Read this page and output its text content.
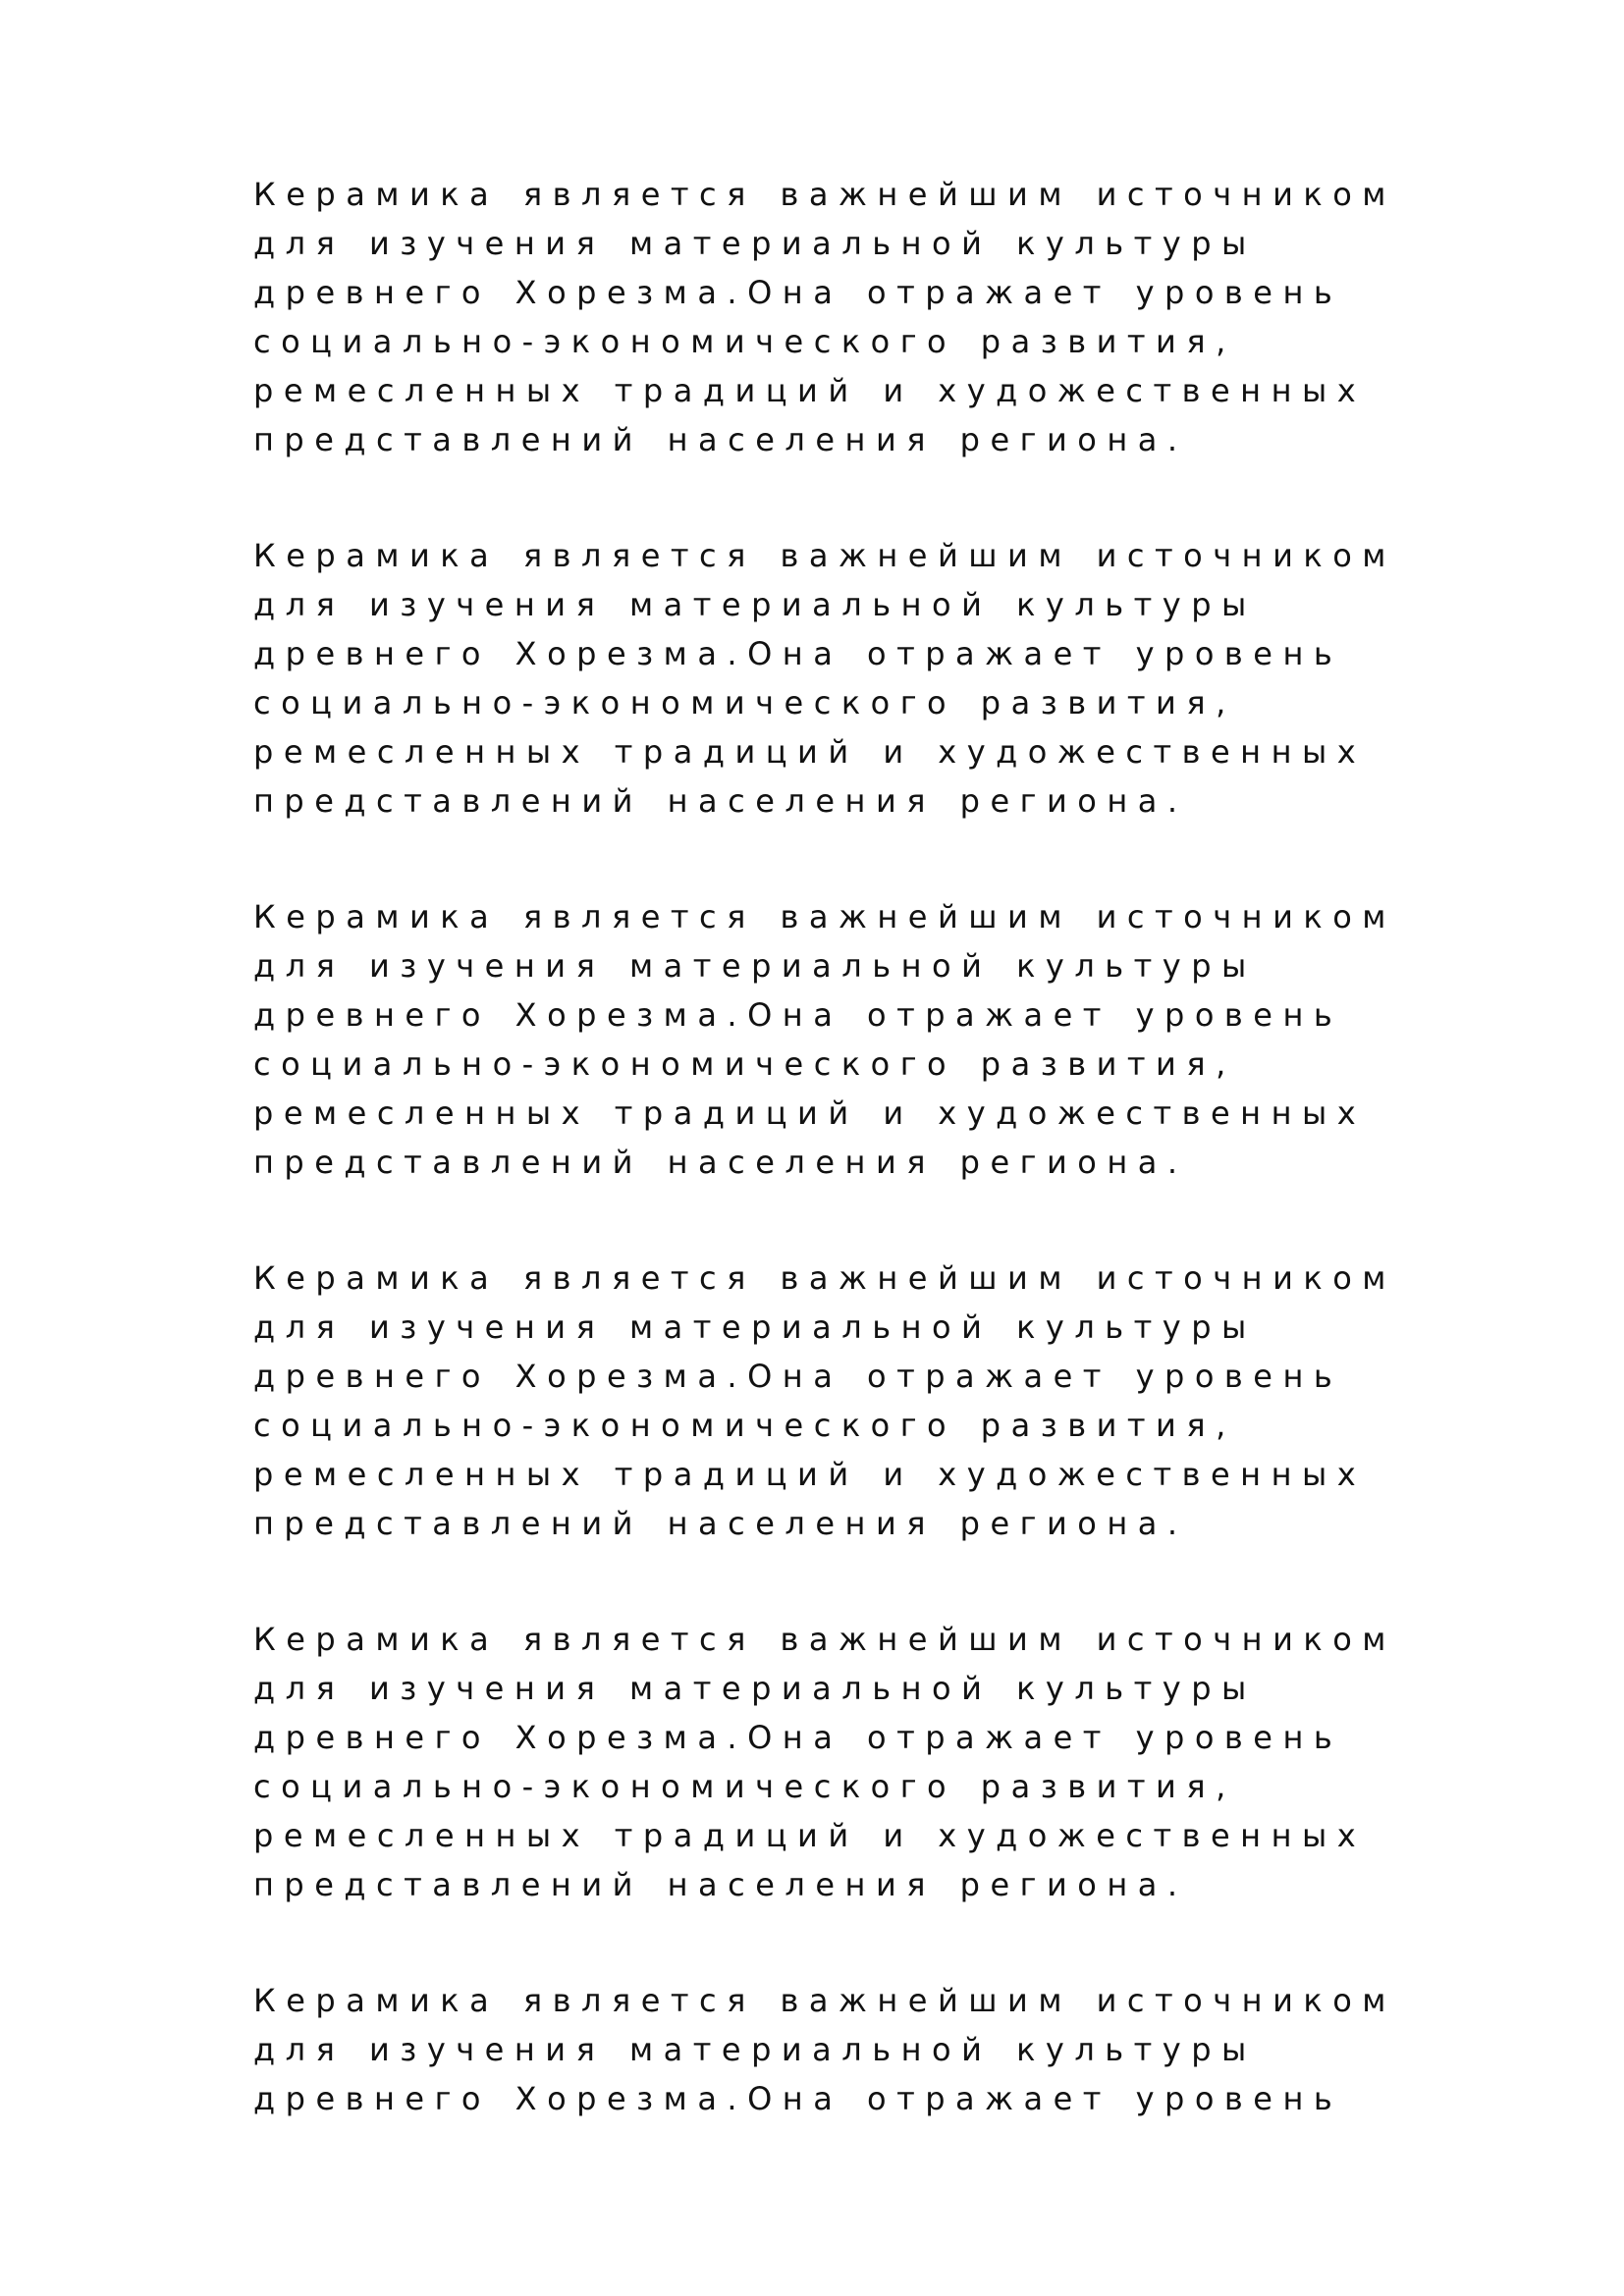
Керамика является важнейшим источником
для изучения материальной культуры
древнего Хорезма.Она отражает уровень
социально-экономического развития,
ремесленных традиций и художественных
представлений населения региона.
Керамика является важнейшим источником
для изучения материальной культуры
древнего Хорезма.Она отражает уровень
социально-экономического развития,
ремесленных традиций и художественных
представлений населения региона.
Керамика является важнейшим источником
для изучения материальной культуры
древнего Хорезма.Она отражает уровень
социально-экономического развития,
ремесленных традиций и художественных
представлений населения региона.
Керамика является важнейшим источником
для изучения материальной культуры
древнего Хорезма.Она отражает уровень
социально-экономического развития,
ремесленных традиций и художественных
представлений населения региона.
Керамика является важнейшим источником
для изучения материальной культуры
древнего Хорезма.Она отражает уровень
социально-экономического развития,
ремесленных традиций и художественных
представлений населения региона.
Керамика является важнейшим источником
для изучения материальной культуры
древнего Хорезма.Она отражает уровень
